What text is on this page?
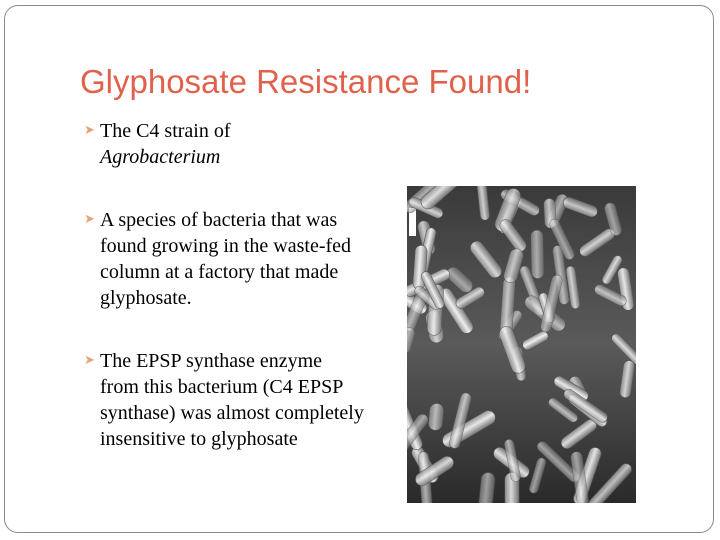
Glyphosate Resistance Found!
➤ The C4 strain of
Agrobacterium
➤ A species of bacteria that was found growing in the waste-fed column at a factory that made glyphosate.
➤ The EPSP synthase enzyme from this bacterium (C4 EPSP synthase) was almost completely insensitive to glyphosate
